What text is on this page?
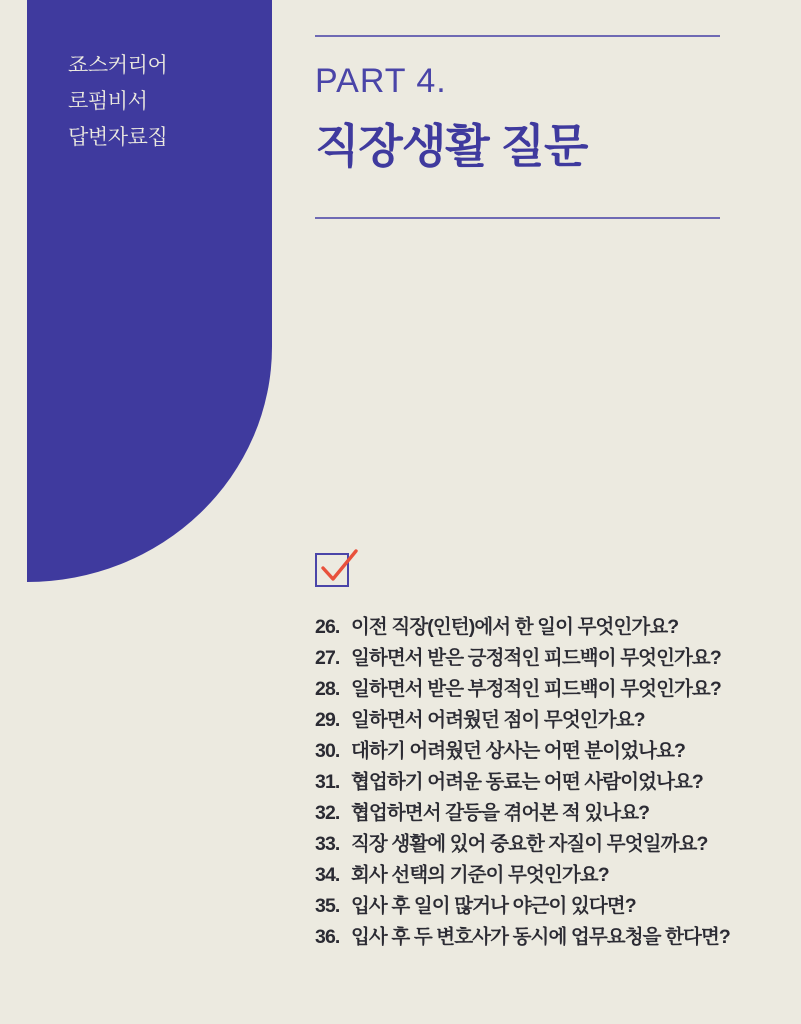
죠스커리어
로펌비서
답변자료집
PART 4.
직장생활 질문
26. 이전 직장(인턴)에서 한 일이 무엇인가요?
27. 일하면서 받은 긍정적인 피드백이 무엇인가요?
28. 일하면서 받은 부정적인 피드백이 무엇인가요?
29. 일하면서 어려웠던 점이 무엇인가요?
30. 대하기 어려웠던 상사는 어떤 분이었나요?
31. 협업하기 어려운 동료는 어떤 사람이었나요?
32. 협업하면서 갈등을 겪어본 적 있나요?
33. 직장 생활에 있어 중요한 자질이 무엇일까요?
34. 회사 선택의 기준이 무엇인가요?
35. 입사 후 일이 많거나 야근이 있다면?
36. 입사 후 두 변호사가 동시에 업무요청을 한다면?
